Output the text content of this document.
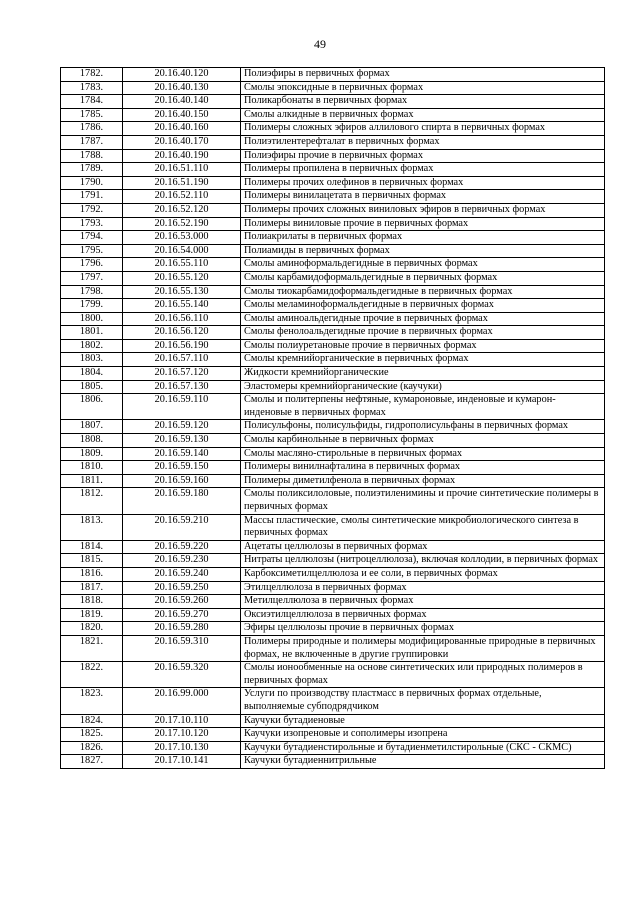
49
1782.	20.16.40.120	Полиэфиры в первичных формах
1783.	20.16.40.130	Смолы эпоксидные в первичных формах
1784.	20.16.40.140	Поликарбонаты в первичных формах
1785.	20.16.40.150	Смолы алкидные в первичных формах
1786.	20.16.40.160	Полимеры сложных эфиров аллилового спирта в первичных формах
1787.	20.16.40.170	Полиэтилентерефталат в первичных формах
1788.	20.16.40.190	Полиэфиры прочие в первичных формах
1789.	20.16.51.110	Полимеры пропилена в первичных формах
1790.	20.16.51.190	Полимеры прочих олефинов в первичных формах
1791.	20.16.52.110	Полимеры винилацетата в первичных формах
1792.	20.16.52.120	Полимеры прочих сложных виниловых эфиров в первичных формах
1793.	20.16.52.190	Полимеры виниловые прочие в первичных формах
1794.	20.16.53.000	Полиакрилаты в первичных формах
1795.	20.16.54.000	Полиамиды в первичных формах
1796.	20.16.55.110	Смолы аминоформальдегидные в первичных формах
1797.	20.16.55.120	Смолы карбамидоформальдегидные в первичных формах
1798.	20.16.55.130	Смолы тиокарбамидоформальдегидные в первичных формах
1799.	20.16.55.140	Смолы меламиноформальдегидные в первичных формах
1800.	20.16.56.110	Смолы аминоальдегидные прочие в первичных формах
1801.	20.16.56.120	Смолы фенолоальдегидные прочие в первичных формах
1802.	20.16.56.190	Смолы полиуретановые прочие в первичных формах
1803.	20.16.57.110	Смолы кремнийорганические в первичных формах
1804.	20.16.57.120	Жидкости кремнийорганические
1805.	20.16.57.130	Эластомеры кремнийорганические (каучуки)
1806.	20.16.59.110	Смолы и политерпены нефтяные, кумароновые, инденовые и кумарон-инденовые в первичных формах
1807.	20.16.59.120	Полисульфоны, полисульфиды, гидрополисульфаны в первичных формах
1808.	20.16.59.130	Смолы карбинольные в первичных формах
1809.	20.16.59.140	Смолы масляно-стирольные в первичных формах
1810.	20.16.59.150	Полимеры винилнафталина в первичных формах
1811.	20.16.59.160	Полимеры диметилфенола в первичных формах
1812.	20.16.59.180	Смолы поликсилоловые, полиэтиленимины и прочие синтетические полимеры в первичных формах
1813.	20.16.59.210	Массы пластические, смолы синтетические микробиологического синтеза в первичных формах
1814.	20.16.59.220	Ацетаты целлюлозы в первичных формах
1815.	20.16.59.230	Нитраты целлюлозы (нитроцеллюлоза), включая коллодии, в первичных формах
1816.	20.16.59.240	Карбоксиметилцеллюлоза и ее соли, в первичных формах
1817.	20.16.59.250	Этилцеллюлоза в первичных формах
1818.	20.16.59.260	Метилцеллюлоза в первичных формах
1819.	20.16.59.270	Оксиэтилцеллюлоза в первичных формах
1820.	20.16.59.280	Эфиры целлюлозы прочие в первичных формах
1821.	20.16.59.310	Полимеры природные и полимеры модифицированные природные в первичных формах, не включенные в другие группировки
1822.	20.16.59.320	Смолы ионообменные на основе синтетических или природных полимеров в первичных формах
1823.	20.16.99.000	Услуги по производству пластмасс в первичных формах отдельные, выполняемые субподрядчиком
1824.	20.17.10.110	Каучуки бутадиеновые
1825.	20.17.10.120	Каучуки изопреновые и сополимеры изопрена
1826.	20.17.10.130	Каучуки бутадиенстирольные и бутадиенметилстирольные (СКС - СКМС)
1827.	20.17.10.141	Каучуки бутадиеннитрильные
